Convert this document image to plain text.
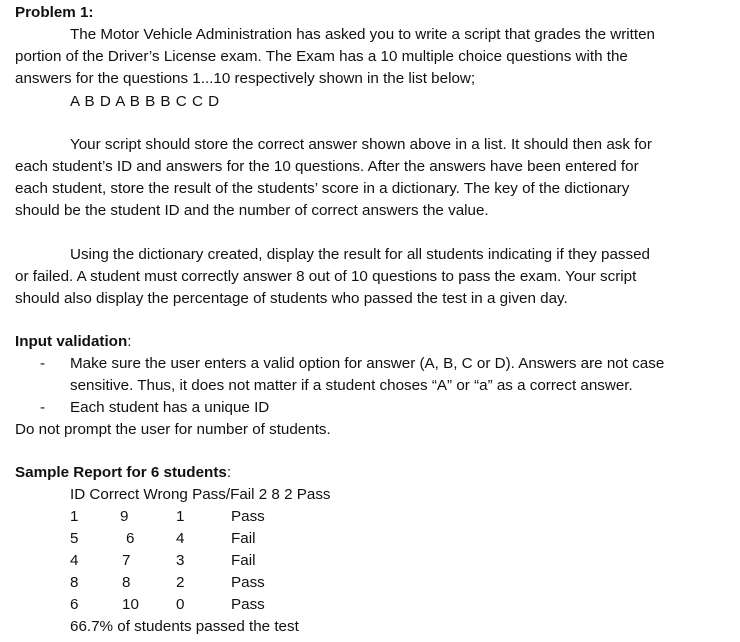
Problem 1:
The Motor Vehicle Administration has asked you to write a script that grades the written
portion of the Driver’s License exam. The Exam has a 10 multiple choice questions with the
answers for the questions 1...10 respectively shown in the list below;
A B D A B B B C C D
Your script should store the correct answer shown above in a list. It should then ask for
each student’s ID and answers for the 10 questions. After the answers have been entered for
each student, store the result of the students’ score in a dictionary. The key of the dictionary
should be the student ID and the number of correct answers the value.
Using the dictionary created, display the result for all students indicating if they passed
or failed. A student must correctly answer 8 out of 10 questions to pass the exam. Your script
should also display the percentage of students who passed the test in a given day.
Input validation:
- Make sure the user enters a valid option for answer (A, B, C or D). Answers are not case
sensitive. Thus, it does not matter if a student choses “A” or “a” as a correct answer.
- Each student has a unique ID
Do not prompt the user for number of students.
Sample Report for 6 students:
ID Correct Wrong Pass/Fail 2 8 2 Pass
1	9	1	Pass
5	6	4	Fail
4	7	3	Fail
8	8	2	Pass
6	10 0	Pass
66.7% of students passed the test
